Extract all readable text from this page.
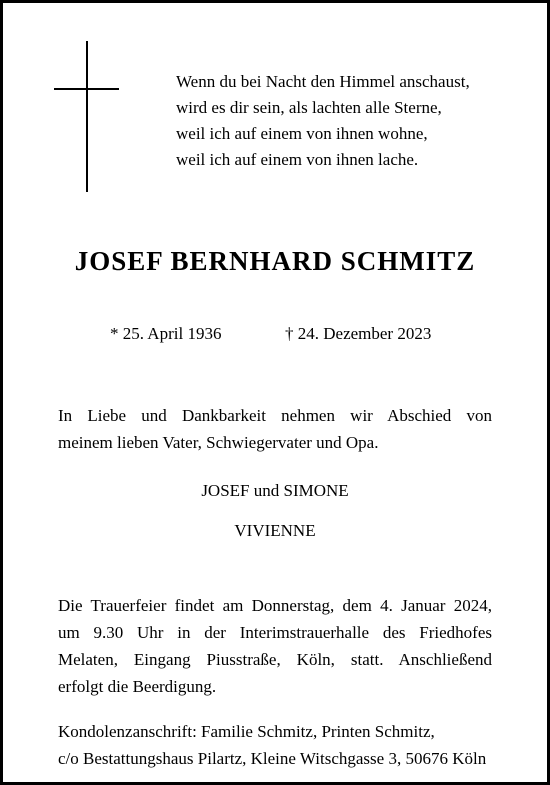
Wenn du bei Nacht den Himmel anschaust,
wird es dir sein, als lachten alle Sterne,
weil ich auf einem von ihnen wohne,
weil ich auf einem von ihnen lache.
JOSEF BERNHARD SCHMITZ
* 25. April 1936	† 24. Dezember 2023
In Liebe und Dankbarkeit nehmen wir Abschied von
meinem lieben Vater, Schwiegervater und Opa.
JOSEF und SIMONE
VIVIENNE
Die Trauerfeier findet am Donnerstag, dem 4. Januar 2024,
um 9.30 Uhr in der Interimstrauerhalle des Friedhofes
Melaten, Eingang Piusstraße, Köln, statt. Anschließend
erfolgt die Beerdigung.
Kondolenzanschrift: Familie Schmitz, Printen Schmitz,
c/o Bestattungshaus Pilartz, Kleine Witschgasse 3, 50676 Köln
